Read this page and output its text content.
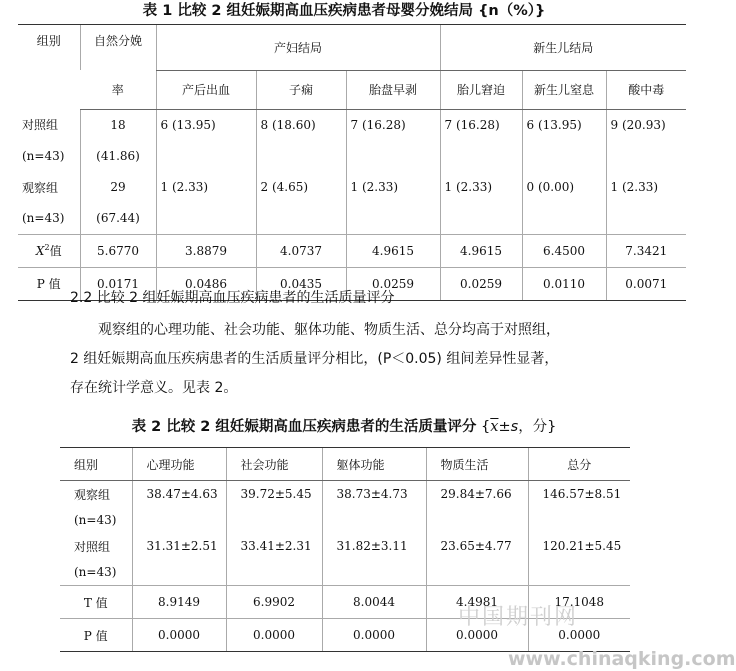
表 1 比较 2 组妊娠期高血压疾病患者母婴分娩结局 {n（%）}
组别	自然分娩	产妇结局			新生儿结局		
	率	产后出血	子痫	胎盘早剥	胎儿窘迫	新生儿窒息	酸中毒
对照组	18	6 (13.95)	8 (18.60)	7 (16.28)	7 (16.28)	6 (13.95)	9 (20.93)
(n=43)	(41.86)						
观察组	29	1 (2.33)	2 (4.65)	1 (2.33)	1 (2.33)	0 (0.00)	1 (2.33)
(n=43)	(67.44)						
$X^2$值	5.6770	3.8879	4.0737	4.9615	4.9615	6.4500	7.3421
P 值	0.0171	0.0486	0.0435	0.0259	0.0259	0.0110	0.0071
2.2 比较 2 组妊娠期高血压疾病患者的生活质量评分
观察组的心理功能、社会功能、躯体功能、物质生活、总分均高于对照组，
2 组妊娠期高血压疾病患者的生活质量评分相比，(P＜0.05) 组间差异性显著，
存在统计学意义。见表 2。
表 2 比较 2 组妊娠期高血压疾病患者的生活质量评分 {$\overline{x}\pm s$，分}
组别	心理功能	社会功能	躯体功能	物质生活	总分
观察组	38.47±4.63	39.72±5.45	38.73±4.73	29.84±7.66	146.57±8.51
(n=43)					
对照组	31.31±2.51	33.41±2.31	31.82±3.11	23.65±4.77	120.21±5.45
(n=43)					
T 值	8.9149	6.9902	8.0044	4.4981	17.1048
P 值	0.0000	0.0000	0.0000	0.0000	0.0000
中国期刊网
www.chinaqking.com
